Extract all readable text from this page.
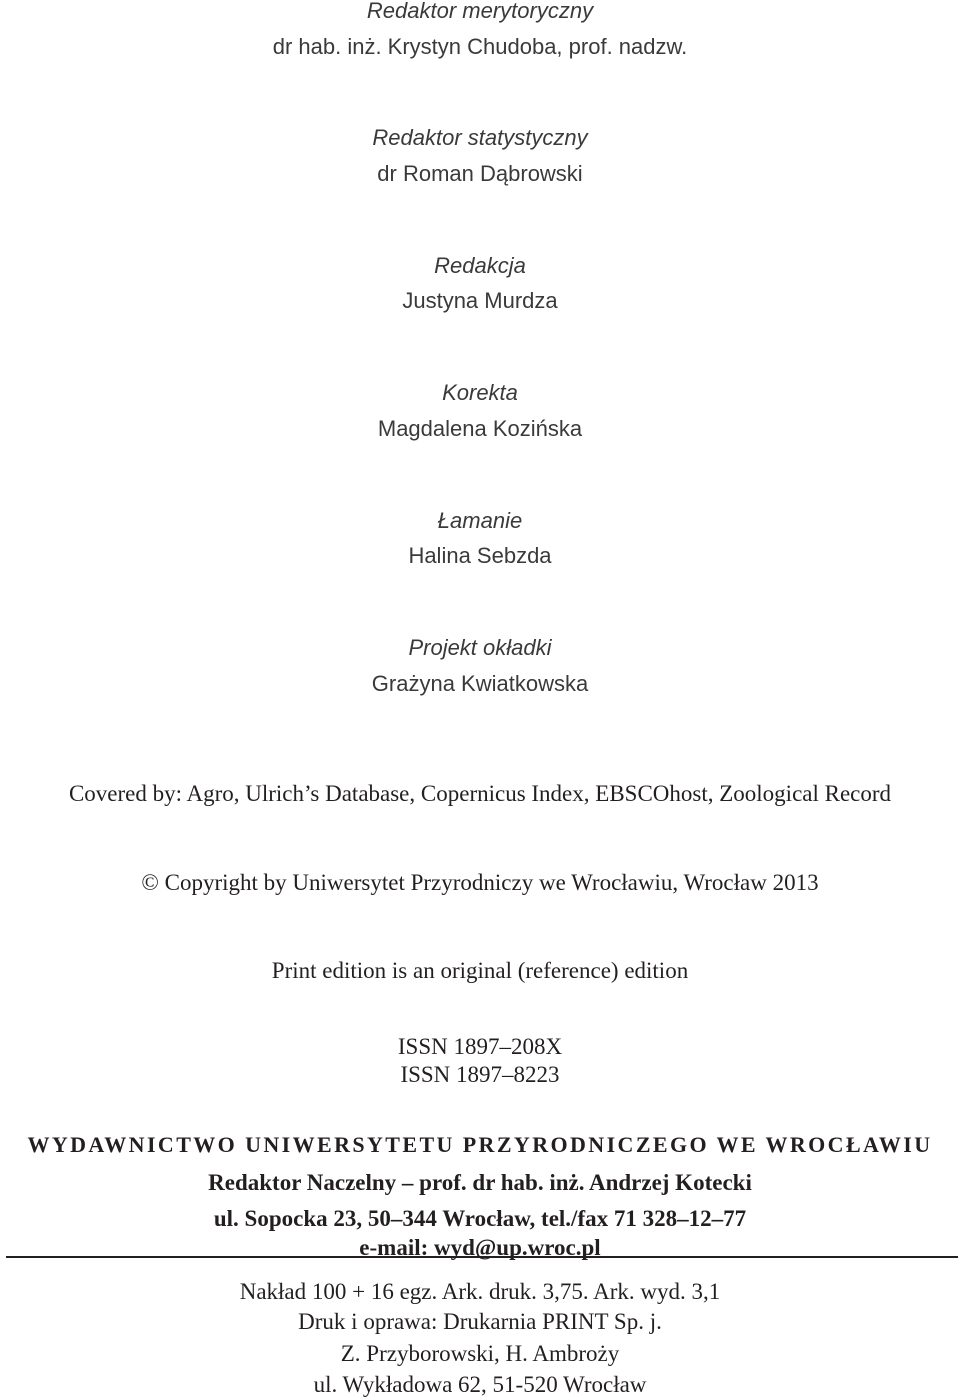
Redaktor merytoryczny
dr hab. inż. Krystyn Chudoba, prof. nadzw.
Redaktor statystyczny
dr Roman Dąbrowski
Redakcja
Justyna Murdza
Korekta
Magdalena Kozińska
Łamanie
Halina Sebzda
Projekt okładki
Grażyna Kwiatkowska
Covered by: Agro, Ulrich’s Database, Copernicus Index, EBSCOhost, Zoological Record
© Copyright by Uniwersytet Przyrodniczy we Wrocławiu, Wrocław 2013
Print edition is an original (reference) edition
ISSN 1897–208X
ISSN 1897–8223
WYDAWNICTWO UNIWERSYTETU PRZYRODNICZEGO WE WROCŁAWIU
Redaktor Naczelny – prof. dr hab. inż. Andrzej Kotecki
ul. Sopocka 23, 50–344 Wrocław, tel./fax 71 328–12–77
e-mail: wyd@up.wroc.pl
Nakład 100 + 16 egz. Ark. druk. 3,75. Ark. wyd. 3,1
Druk i oprawa: Drukarnia PRINT Sp. j.
Z. Przyborowski, H. Ambroży
ul. Wykładowa 62, 51-520 Wrocław
